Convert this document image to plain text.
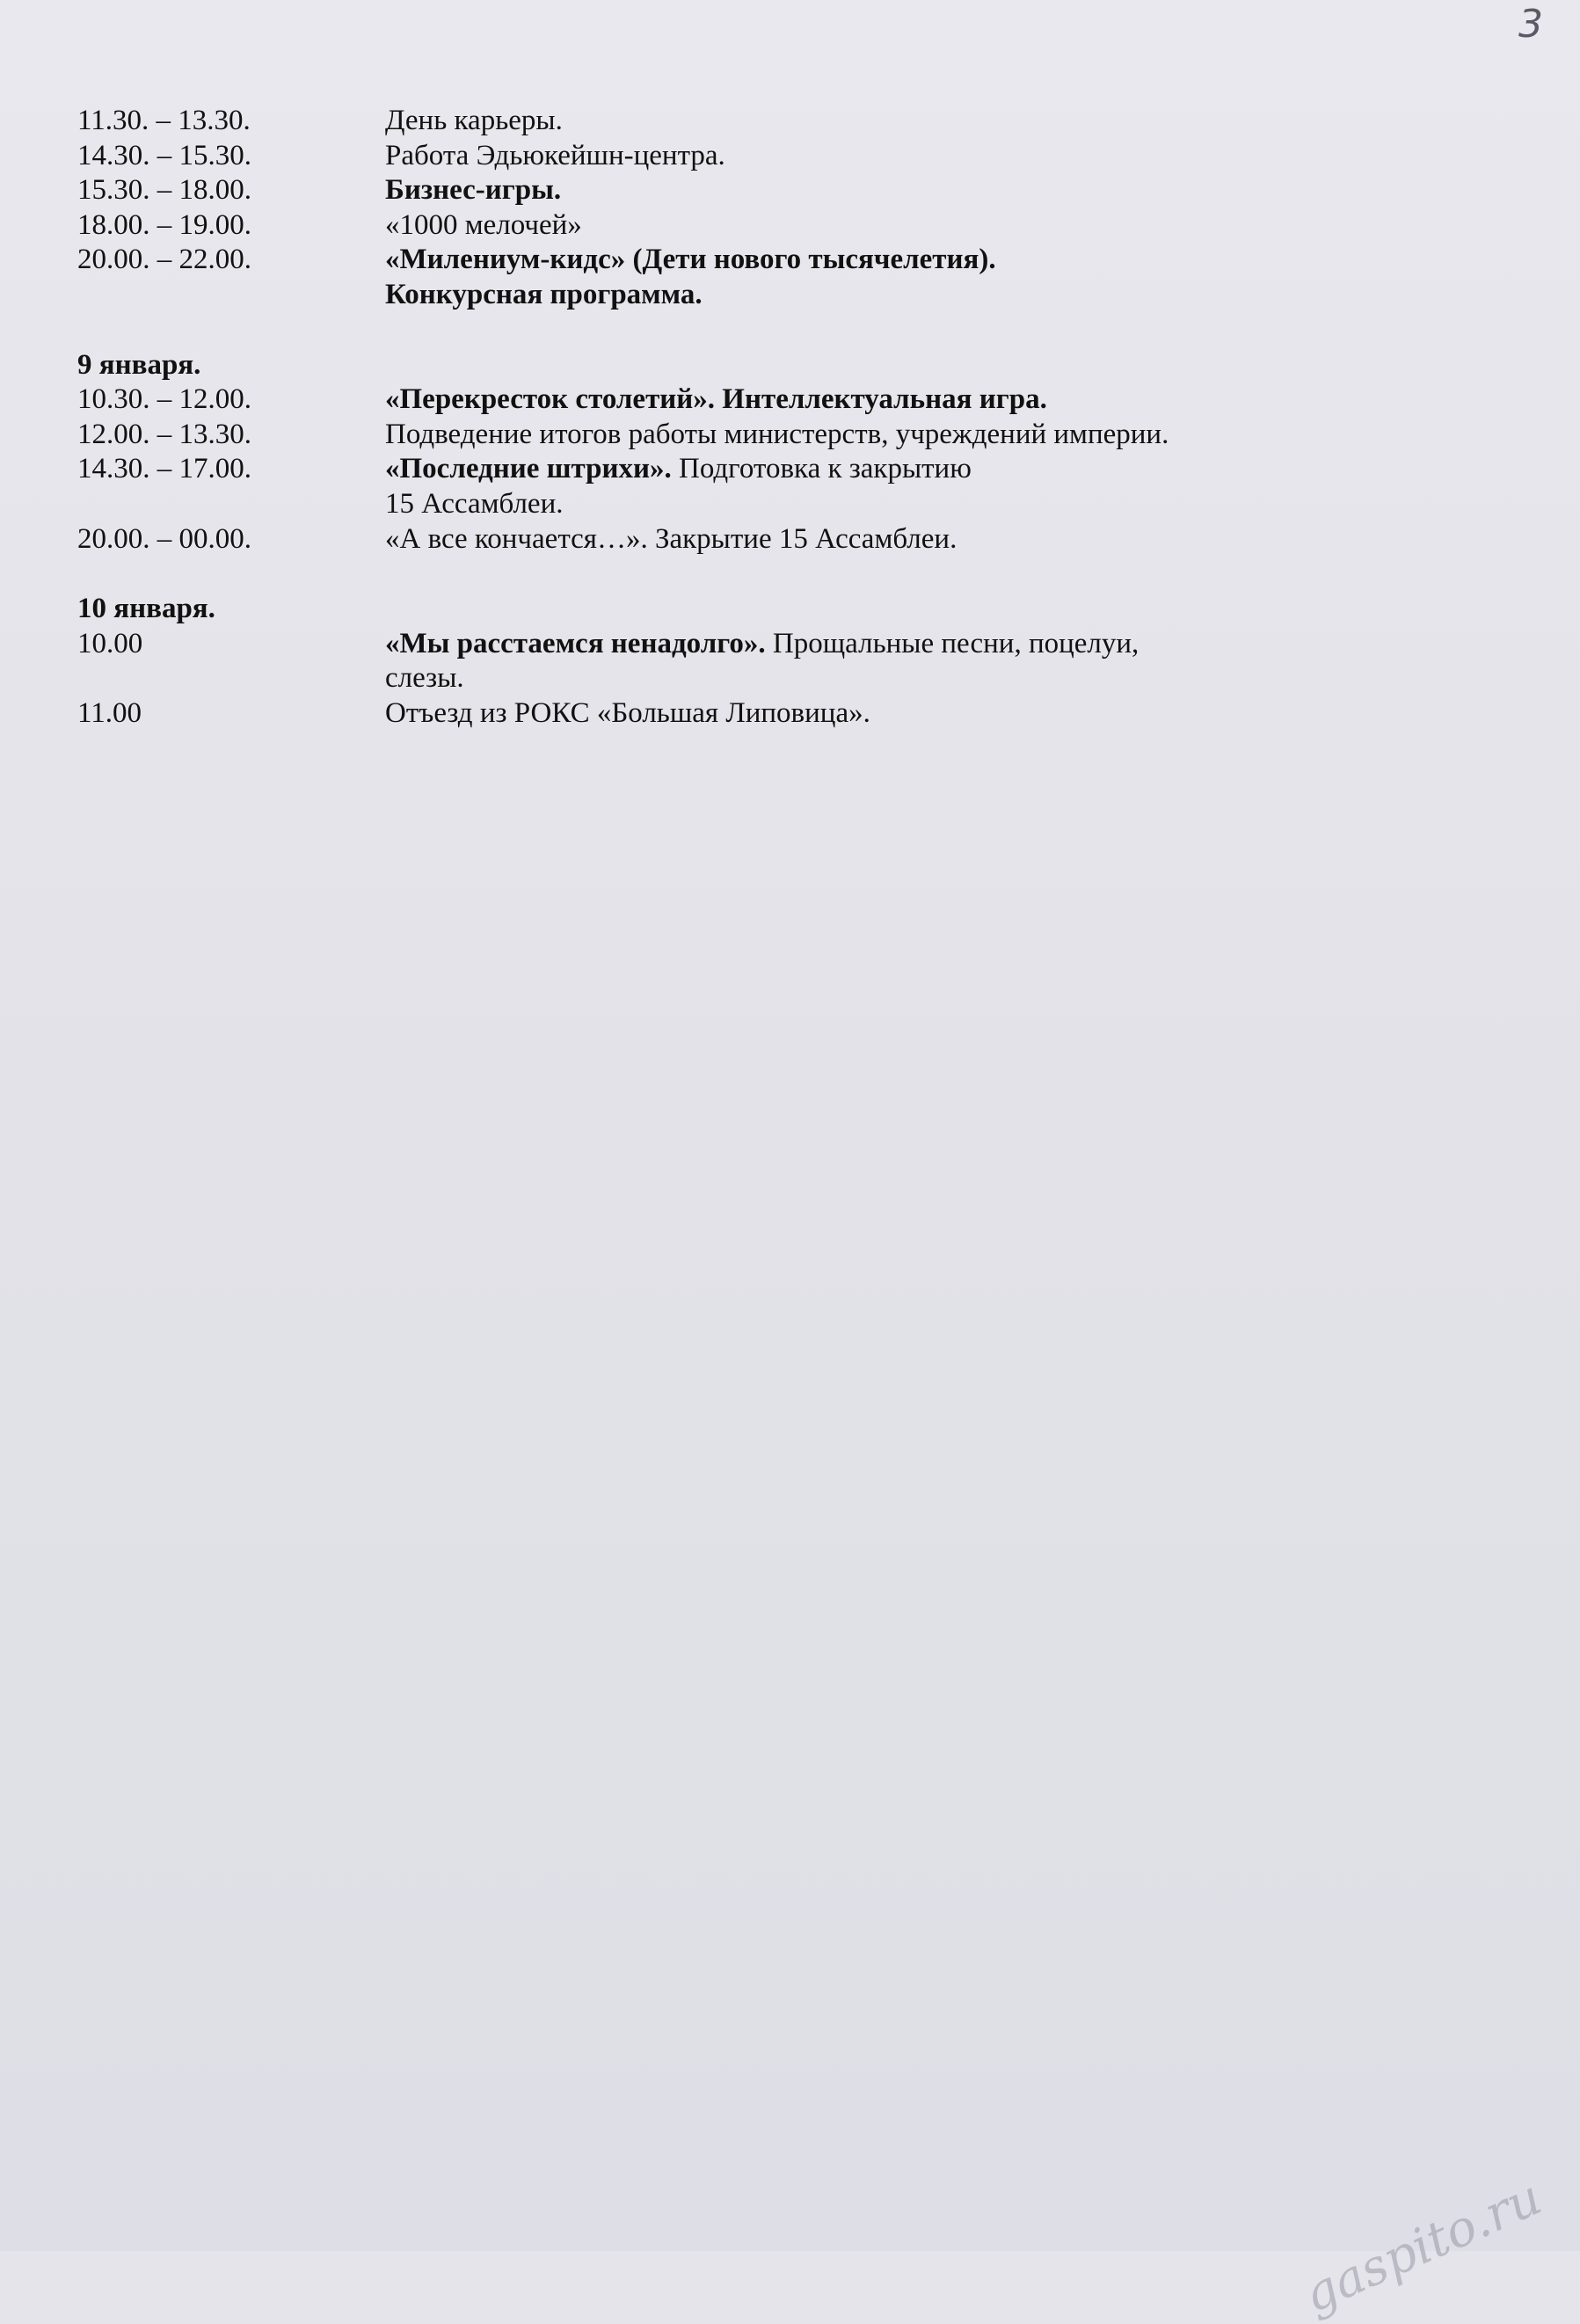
3
11.30. – 13.30.	День карьеры.
14.30. – 15.30.	Работа Эдьюкейшн-центра.
15.30. – 18.00.	Бизнес-игры.
18.00. – 19.00.	«1000 мелочей»
20.00. – 22.00.	«Милениум-кидс» (Дети нового тысячелетия).
Конкурсная программа.
9 января.
10.30. – 12.00.	«Перекресток столетий». Интеллектуальная игра.
12.00. – 13.30.	Подведение итогов работы министерств, учреждений империи.
14.30. – 17.00.	«Последние штрихи». Подготовка к закрытию
15 Ассамблеи.
20.00. – 00.00.	«А все кончается…». Закрытие 15 Ассамблеи.
10 января.
10.00	«Мы расстаемся ненадолго». Прощальные песни, поцелуи,
слезы.
11.00	Отъезд из РОКС «Большая Липовица».
gaspito.ru
